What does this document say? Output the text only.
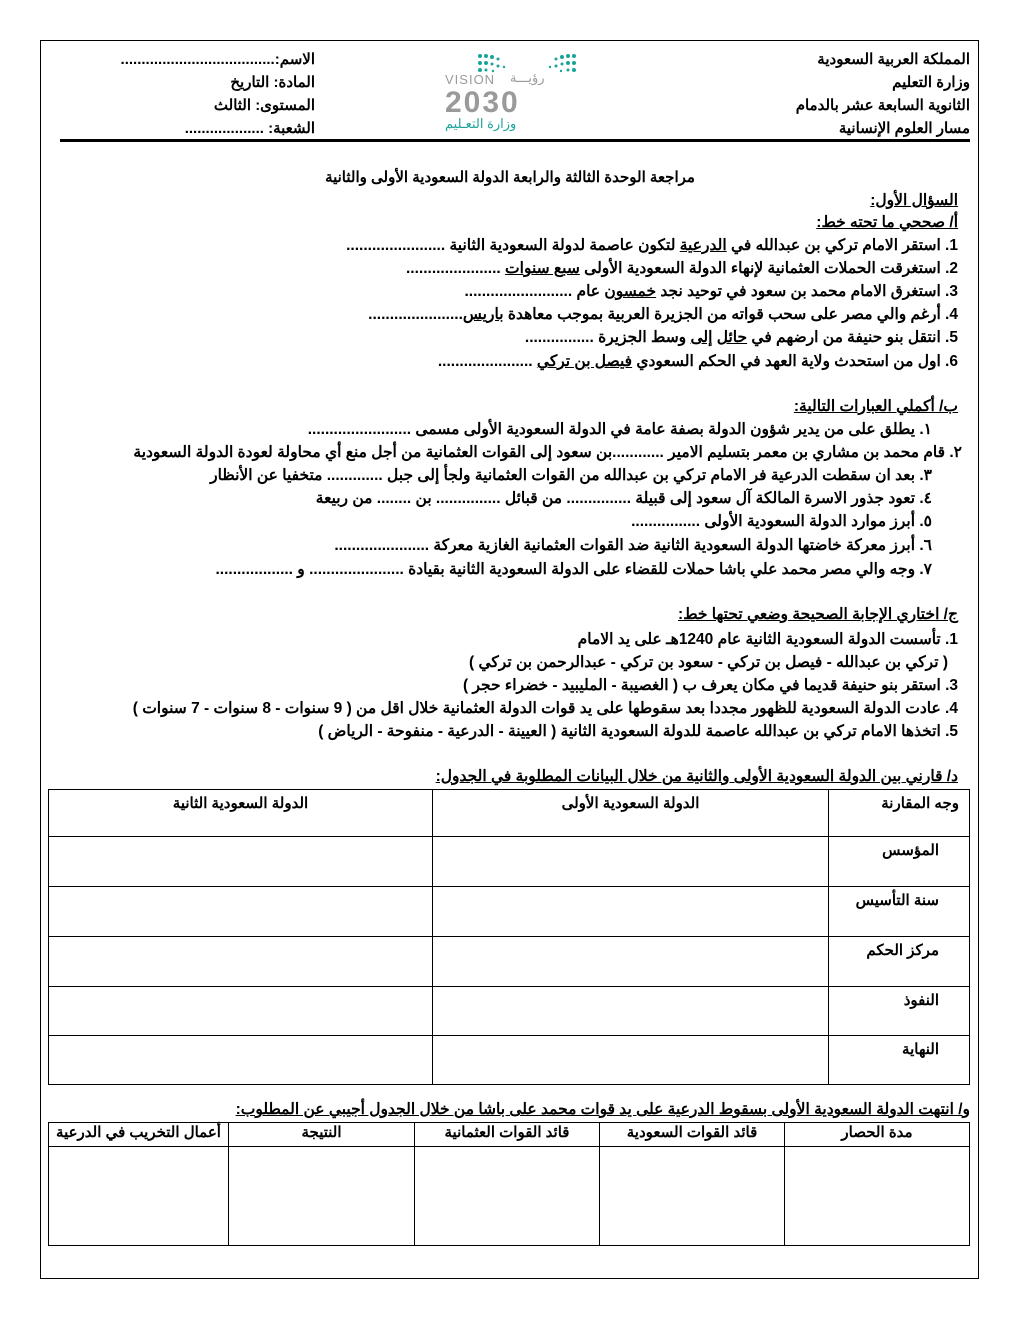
المملكة العربية السعودية
وزارة التعليم
الثانوية السابعة عشر بالدمام
مسار العلوم الإنسانية
الاسم:.....................................
المادة: التاريخ
المستوى: الثالث
الشعبة: ...................
VISION رؤيـــة
2030
وزارة التعـليم
مراجعة الوحدة الثالثة والرابعة الدولة السعودية الأولى والثانية
السؤال الأول:
أ/ صححي ما تحته خط:
1. استقر الامام تركي بن عبدالله في الدرعية لتكون عاصمة لدولة السعودية الثانية .......................
2. استغرقت الحملات العثمانية لإنهاء الدولة السعودية الأولى سبع سنوات ......................
3. استغرق الامام محمد بن سعود في توحيد نجد خمسون عام .........................
4. أرغم والي مصر على سحب قواته من الجزيرة العربية بموجب معاهدة باريس......................
5. انتقل بنو حنيفة من ارضهم في حائل إلى وسط الجزيرة ................
6. اول من استحدث ولاية العهد في الحكم السعودي فيصل بن تركي ......................
ب/ أكملي العبارات التالية:
١. يطلق على من يدير شؤون الدولة بصفة عامة في الدولة السعودية الأولى مسمى ........................
٢. قام محمد بن مشاري بن معمر بتسليم الامير ............بن سعود إلى القوات العثمانية من أجل منع أي محاولة لعودة الدولة السعودية
٣. بعد ان سقطت الدرعية فر الامام تركي بن عبدالله من القوات العثمانية ولجأ إلى جبل ............. متخفيا عن الأنظار
٤. تعود جذور الاسرة المالكة آل سعود إلى قبيلة ............... من قبائل ............... بن ........ من ربيعة
٥. أبرز موارد الدولة السعودية الأولى ................
٦. أبرز معركة خاضتها الدولة السعودية الثانية ضد القوات العثمانية الغازية معركة ......................
٧. وجه والي مصر محمد علي باشا حملات للقضاء على الدولة السعودية الثانية بقيادة ...................... و ..................
ج/ اختاري الإجابة الصحيحة وضعي تحتها خط:
1. تأسست الدولة السعودية الثانية عام 1240هـ على يد الامام
( تركي بن عبدالله - فيصل بن تركي - سعود بن تركي - عبدالرحمن بن تركي )
3. استقر بنو حنيفة قديما في مكان يعرف ب ( الغصيبة - المليبيد - خضراء حجر )
4. عادت الدولة السعودية للظهور مجددا بعد سقوطها على يد قوات الدولة العثمانية خلال اقل من ( 9 سنوات - 8 سنوات - 7 سنوات )
5. اتخذها الامام تركي بن عبدالله عاصمة للدولة السعودية الثانية ( العيينة - الدرعية - منفوحة - الرياض )
د/ قارني بين الدولة السعودية الأولى والثانية من خلال البيانات المطلوبة في الجدول:
وجه المقارنة	الدولة السعودية الأولى	الدولة السعودية الثانية
المؤسس		
سنة التأسيس		
مركز الحكم		
النفوذ		
النهاية		
و/ انتهت الدولة السعودية الأولى بسقوط الدرعية على يد قوات محمد على باشا من خلال الجدول أجيبي عن المطلوب:
مدة الحصار	قائد القوات السعودية	قائد القوات العثمانية	النتيجة	أعمال التخريب في الدرعية
